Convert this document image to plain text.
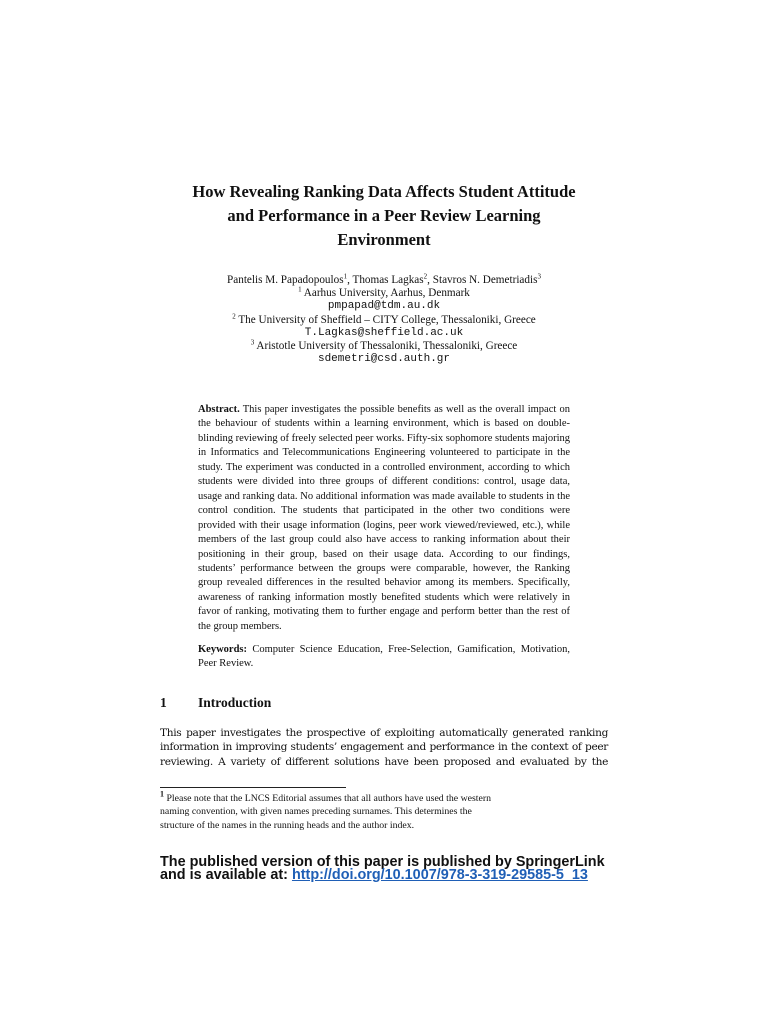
How Revealing Ranking Data Affects Student Attitude
and Performance in a Peer Review Learning
Environment
Pantelis M. Papadopoulos$^1$, Thomas Lagkas$^2$, Stavros N. Demetriadis$^3$
$^1$ Aarhus University, Aarhus, Denmark
pmpapad@tdm.au.dk
$^2$ The University of Sheffield – CITY College, Thessaloniki, Greece
T.Lagkas@sheffield.ac.uk
$^3$ Aristotle University of Thessaloniki, Thessaloniki, Greece
sdemetri@csd.auth.gr
Abstract. This paper investigates the possible benefits as well as the overall impact on the behaviour of students within a learning environment, which is based on double-blinding reviewing of freely selected peer works. Fifty-six sophomore students majoring in Informatics and Telecommunications Engineering volunteered to participate in the study. The experiment was conducted in a controlled environment, according to which students were divided into three groups of different conditions: control, usage data, usage and ranking data. No additional information was made available to students in the control condition. The students that participated in the other two conditions were provided with their usage information (logins, peer work viewed/reviewed, etc.), while members of the last group could also have access to ranking information about their positioning in their group, based on their usage data. According to our findings, students’ performance between the groups were comparable, however, the Ranking group revealed differences in the resulted behavior among its members. Specifically, awareness of ranking information mostly benefited students which were relatively in favor of ranking, motivating them to further engage and perform better than the rest of the group members.
Keywords: Computer Science Education, Free-Selection, Gamification, Motivation, Peer Review.
1 Introduction
This paper investigates the prospective of exploiting automatically generated ranking
information in improving students’ engagement and performance in the context of peer
reviewing. A variety of different solutions have been proposed and evaluated by the
$^1$ Please note that the LNCS Editorial assumes that all authors have used the western
naming convention, with given names preceding surnames. This determines the
structure of the names in the running heads and the author index.
The published version of this paper is published by SpringerLink
and is available at: http://doi.org/10.1007/978-3-319-29585-5_13
